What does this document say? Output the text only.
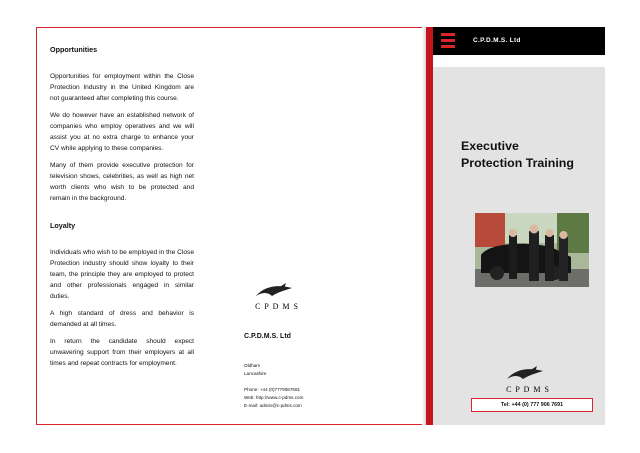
Opportunities

Opportunities for employment within the Close Protection Industry in the United Kingdom are not guaranteed after completing this course.

We do however have an established network of companies who employ operatives and we will assist you at no extra charge to enhance your CV while applying to these companies.

Many of them provide executive protection for television shows, celebrities, as well as high net worth clients who wish to be protected and remain in the background.

Loyalty

Individuals who wish to be employed in the Close Protection industry should show loyalty to their team, the principle they are employed to protect and other professionals engaged in similar duties.

A high standard of dress and behavior is demanded at all times.

In return the candidate should expect unwavering support from their employers at all times and repeat contracts for employment.

C P D M S
C.P.D.M.S. Ltd
Oldham
Lancashire
Phone: +44 (0)7779067691
Web: http://www.c-pdms.com
E-mail: admin@c-pdms.com
C.P.D.M.S. Ltd
Executive
Protection Training
C P D M S
Tel: +44 (0) 777 906 7691
